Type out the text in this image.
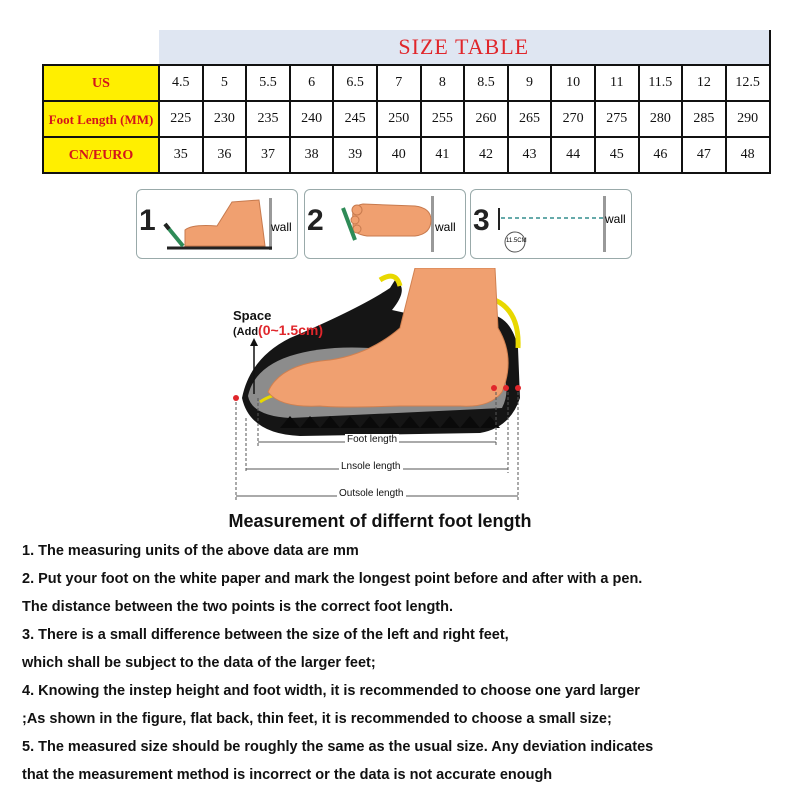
	SIZE TABLE													
US	4.5	5	5.5	6	6.5	7	8	8.5	9	10	11	11.5	12	12.5
Foot Length (MM)	225	230	235	240	245	250	255	260	265	270	275	280	285	290
CN/EURO	35	36	37	38	39	40	41	42	43	44	45	46	47	48
1	wall 2	wall 3	wall
11.5CM
Foot length
Lnsole length
Outsole length
Space
(Add(0~1.5cm)
Measurement of differnt foot length
1. The measuring units of the above data are mm
2. Put your foot on the white paper and mark the longest point before and after with a pen.
The distance between the two points is the correct foot length.
3. There is a small difference between the size of the left and right feet,
which shall be subject to the data of the larger feet;
4. Knowing the instep height and foot width, it is recommended to choose one yard larger
;As shown in the figure, flat back, thin feet, it is recommended to choose a small size;
5. The measured size should be roughly the same as the usual size. Any deviation indicates
that the measurement method is incorrect or the data is not accurate enough
